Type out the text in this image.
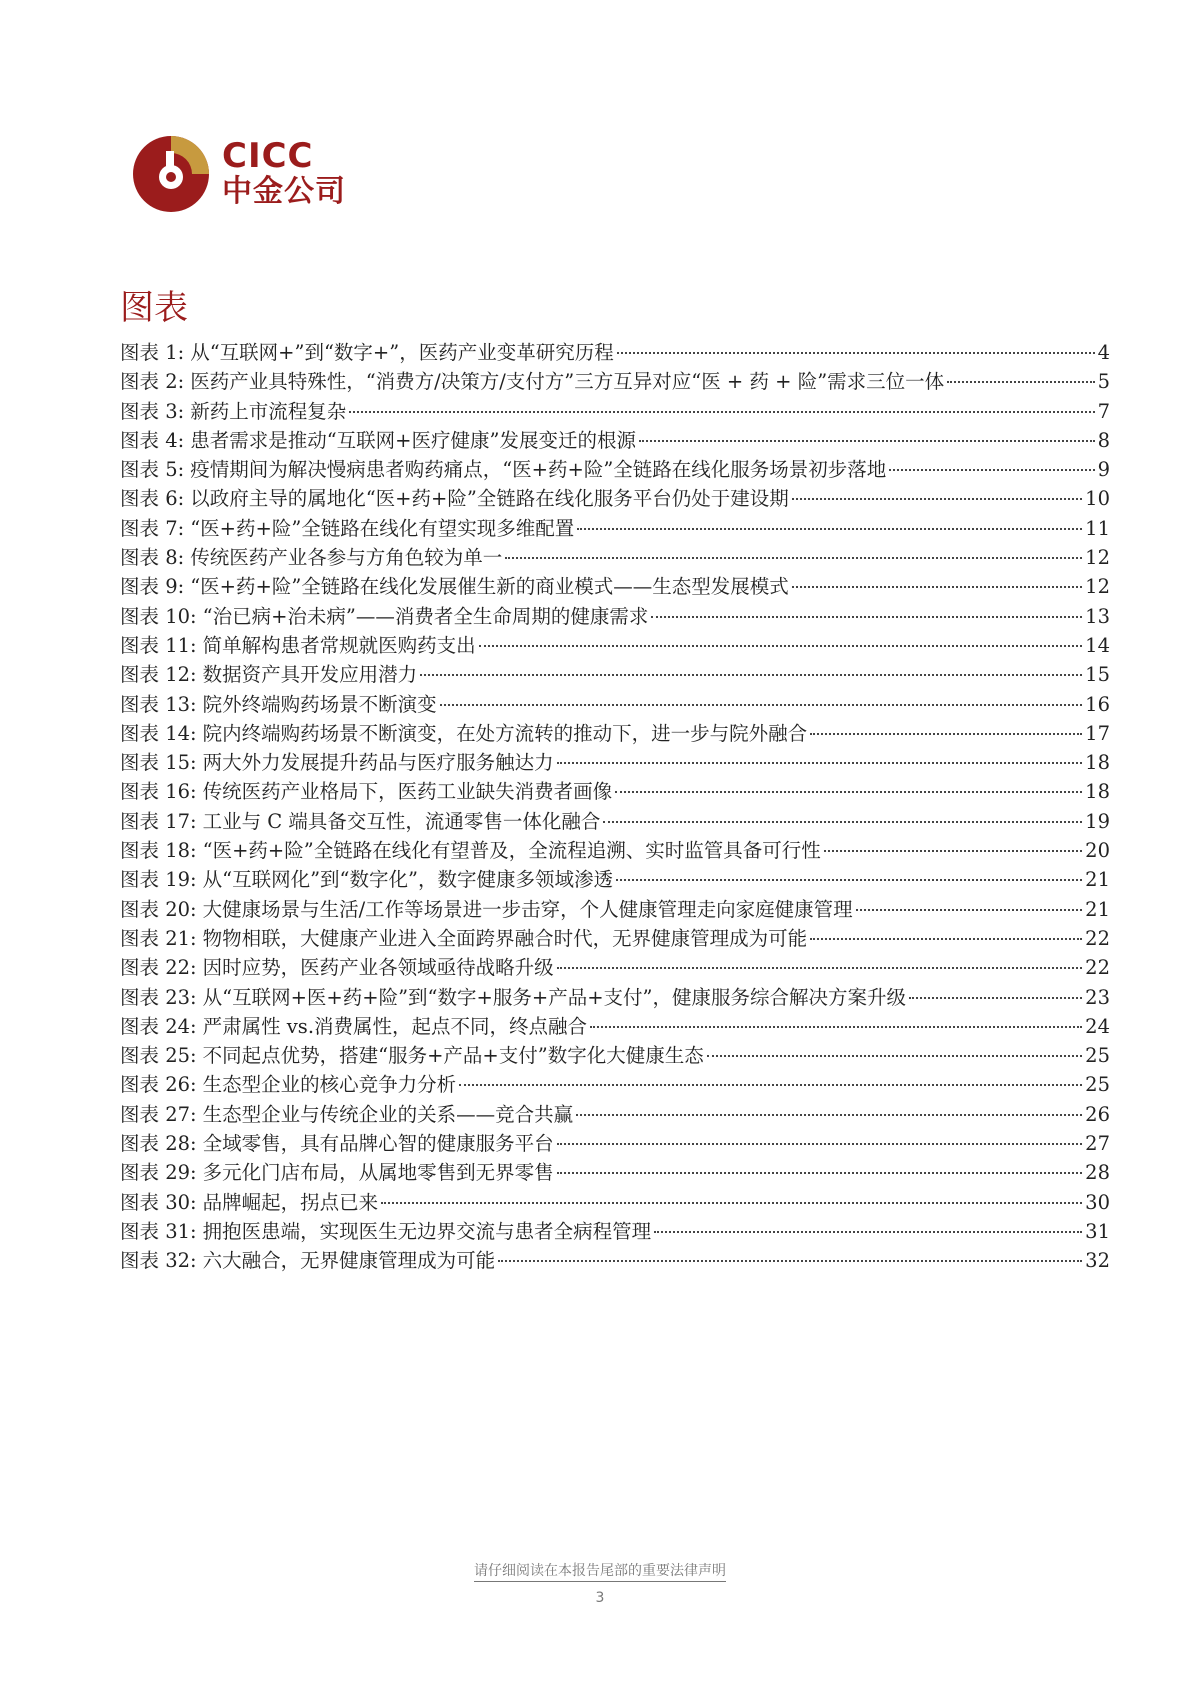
CICC
中金公司
图表
图表 1: 从“互联网+”到“数字+”，医药产业变革研究历程	4
图表 2: 医药产业具特殊性，“消费方/决策方/支付方”三方互异对应“医 + 药 + 险”需求三位一体	5
图表 3: 新药上市流程复杂	7
图表 4: 患者需求是推动“互联网+医疗健康”发展变迁的根源	8
图表 5: 疫情期间为解决慢病患者购药痛点，“医+药+险”全链路在线化服务场景初步落地	9
图表 6: 以政府主导的属地化“医+药+险”全链路在线化服务平台仍处于建设期	10
图表 7: “医+药+险”全链路在线化有望实现多维配置	11
图表 8: 传统医药产业各参与方角色较为单一	12
图表 9: “医+药+险”全链路在线化发展催生新的商业模式——生态型发展模式	12
图表 10: “治已病+治未病”——消费者全生命周期的健康需求	13
图表 11: 简单解构患者常规就医购药支出	14
图表 12: 数据资产具开发应用潜力	15
图表 13: 院外终端购药场景不断演变	16
图表 14: 院内终端购药场景不断演变，在处方流转的推动下，进一步与院外融合	17
图表 15: 两大外力发展提升药品与医疗服务触达力	18
图表 16: 传统医药产业格局下，医药工业缺失消费者画像	18
图表 17: 工业与 C 端具备交互性，流通零售一体化融合	19
图表 18: “医+药+险”全链路在线化有望普及，全流程追溯、实时监管具备可行性	20
图表 19: 从“互联网化”到“数字化”，数字健康多领域渗透	21
图表 20: 大健康场景与生活/工作等场景进一步击穿，个人健康管理走向家庭健康管理	21
图表 21: 物物相联，大健康产业进入全面跨界融合时代，无界健康管理成为可能	22
图表 22: 因时应势，医药产业各领域亟待战略升级	22
图表 23: 从“互联网+医+药+险”到“数字+服务+产品+支付”，健康服务综合解决方案升级	23
图表 24: 严肃属性 vs.消费属性，起点不同，终点融合	24
图表 25: 不同起点优势，搭建“服务+产品+支付”数字化大健康生态	25
图表 26: 生态型企业的核心竞争力分析	25
图表 27: 生态型企业与传统企业的关系——竞合共赢	26
图表 28: 全域零售，具有品牌心智的健康服务平台	27
图表 29: 多元化门店布局，从属地零售到无界零售	28
图表 30: 品牌崛起，拐点已来	30
图表 31: 拥抱医患端，实现医生无边界交流与患者全病程管理	31
图表 32: 六大融合，无界健康管理成为可能	32
请仔细阅读在本报告尾部的重要法律声明
3
